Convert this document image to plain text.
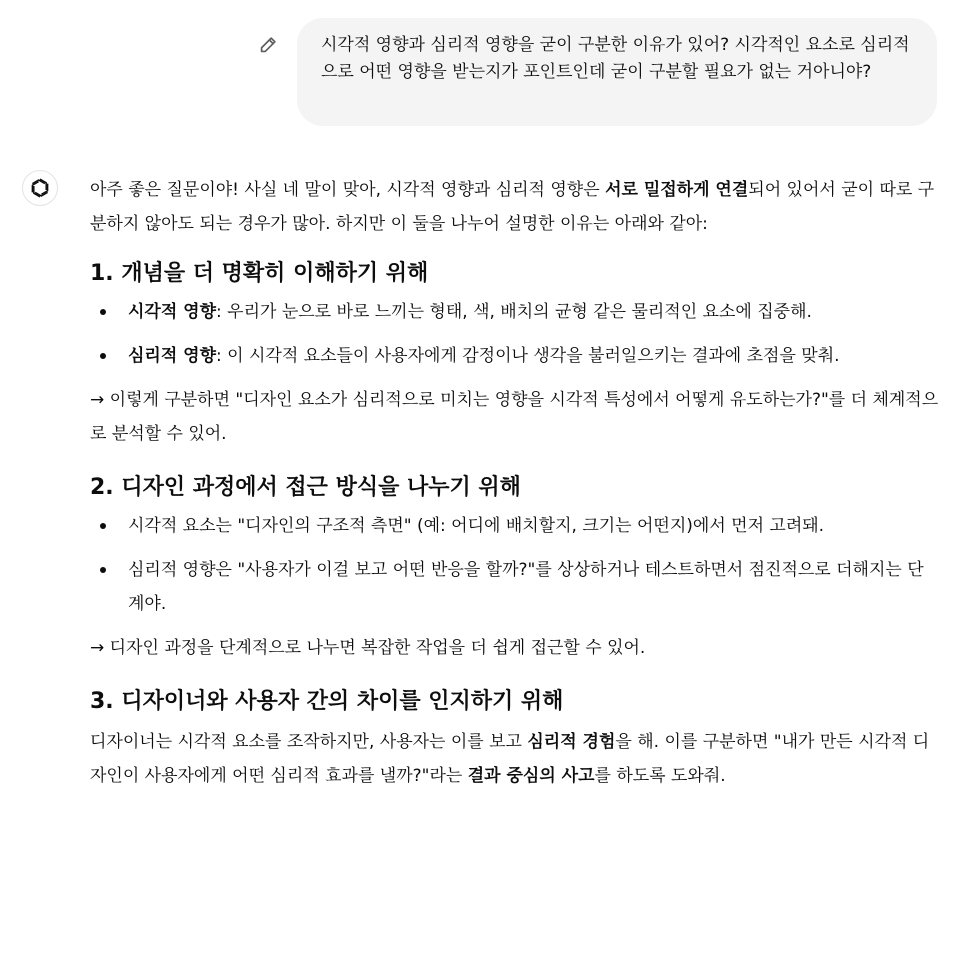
시각적 영향과 심리적 영향을 굳이 구분한 이유가 있어? 시각적인 요소로 심리적으로 어떤 영향을 받는지가 포인트인데 굳이 구분할 필요가 없는 거아니야?

아주 좋은 질문이야! 사실 네 말이 맞아, 시각적 영향과 심리적 영향은 서로 밀접하게 연결되어 있어서 굳이 따로 구분하지 않아도 되는 경우가 많아. 하지만 이 둘을 나누어 설명한 이유는 아래와 같아:

1. 개념을 더 명확히 이해하기 위해
시각적 영향: 우리가 눈으로 바로 느끼는 형태, 색, 배치의 균형 같은 물리적인 요소에 집중해.
심리적 영향: 이 시각적 요소들이 사용자에게 감정이나 생각을 불러일으키는 결과에 초점을 맞춰.

→ 이렇게 구분하면 "디자인 요소가 심리적으로 미치는 영향을 시각적 특성에서 어떻게 유도하는가?"를 더 체계적으로 분석할 수 있어.

2. 디자인 과정에서 접근 방식을 나누기 위해
시각적 요소는 "디자인의 구조적 측면" (예: 어디에 배치할지, 크기는 어떤지)에서 먼저 고려돼.
심리적 영향은 "사용자가 이걸 보고 어떤 반응을 할까?"를 상상하거나 테스트하면서 점진적으로 더해지는 단계야.

→ 디자인 과정을 단계적으로 나누면 복잡한 작업을 더 쉽게 접근할 수 있어.

3. 디자이너와 사용자 간의 차이를 인지하기 위해

디자이너는 시각적 요소를 조작하지만, 사용자는 이를 보고 심리적 경험을 해. 이를 구분하면 "내가 만든 시각적 디자인이 사용자에게 어떤 심리적 효과를 낼까?"라는 결과 중심의 사고를 하도록 도와줘.
